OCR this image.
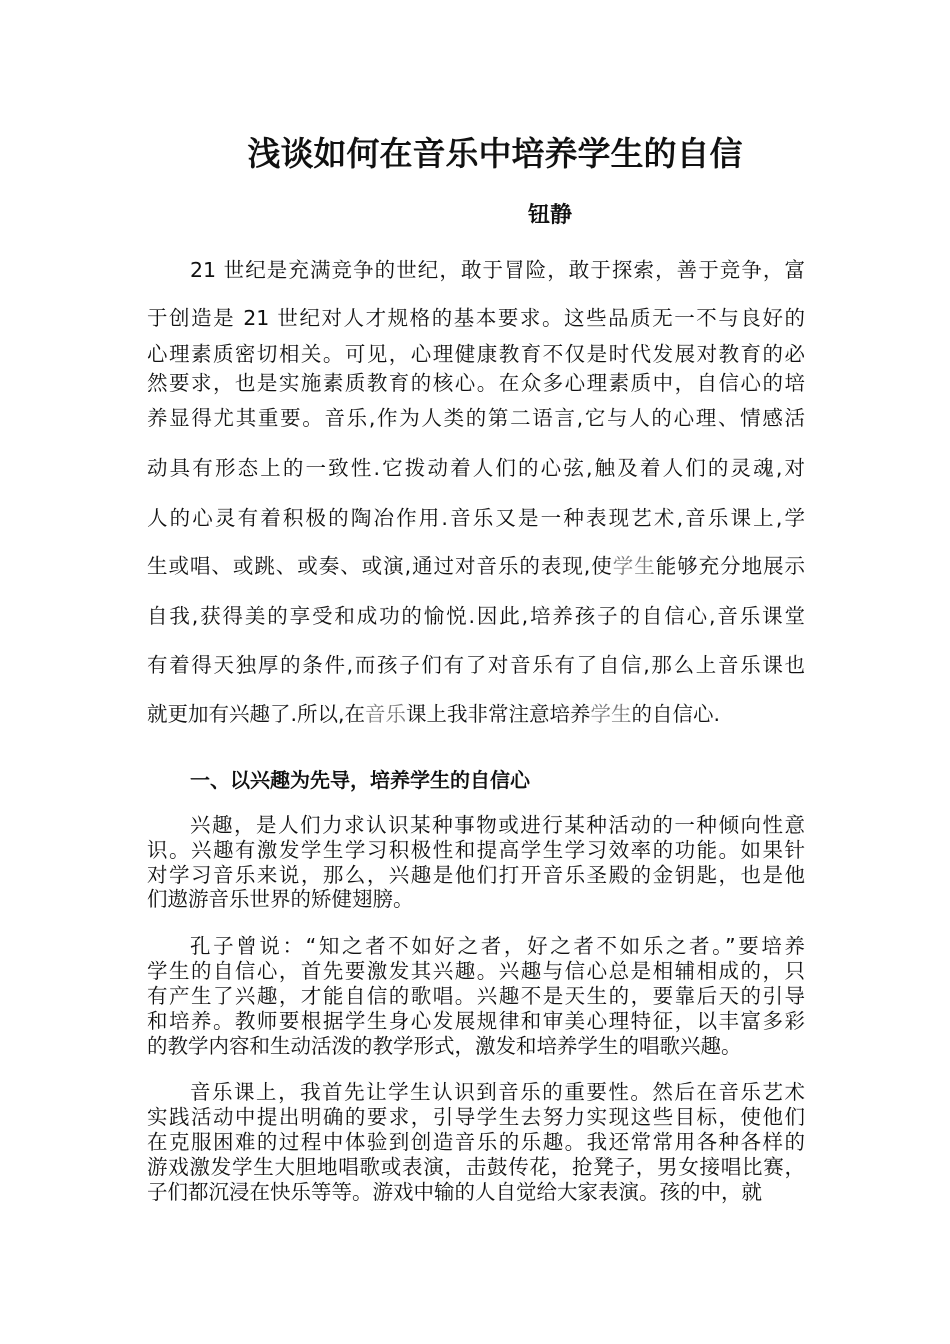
浅谈如何在音乐中培养学生的自信
钮静
一、以兴趣为先导，培养学生的自信心
21 世纪是充满竞争的世纪，敢于冒险，敢于探索，善于竞争，富
于创造是 21 世纪对人才规格的基本要求。这些品质无一不与良好的
心理素质密切相关。可见，心理健康教育不仅是时代发展对教育的必
然要求，也是实施素质教育的核心。在众多心理素质中，自信心的培
养显得尤其重要。音乐,作为人类的第二语言,它与人的心理、情感活
动具有形态上的一致性.它拨动着人们的心弦,触及着人们的灵魂,对
人的心灵有着积极的陶冶作用.音乐又是一种表现艺术,音乐课上,学
生或唱、或跳、或奏、或演,通过对音乐的表现,使学生能够充分地展示
自我,获得美的享受和成功的愉悦.因此,培养孩子的自信心,音乐课堂
有着得天独厚的条件,而孩子们有了对音乐有了自信,那么上音乐课也
就更加有兴趣了.所以,在音乐课上我非常注意培养学生的自信心.
兴趣，是人们力求认识某种事物或进行某种活动的一种倾向性意
识。兴趣有激发学生学习积极性和提高学生学习效率的功能。如果针
对学习音乐来说，那么，兴趣是他们打开音乐圣殿的金钥匙，也是他
们遨游音乐世界的矫健翅膀。
孔子曾说：“知之者不如好之者，好之者不如乐之者。”要培养
学生的自信心，首先要激发其兴趣。兴趣与信心总是相辅相成的，只
有产生了兴趣，才能自信的歌唱。兴趣不是天生的，要靠后天的引导
和培养。教师要根据学生身心发展规律和审美心理特征，以丰富多彩
的教学内容和生动活泼的教学形式，激发和培养学生的唱歌兴趣。
音乐课上，我首先让学生认识到音乐的重要性。然后在音乐艺术
实践活动中提出明确的要求，引导学生去努力实现这些目标，使他们
在克服困难的过程中体验到创造音乐的乐趣。我还常常用各种各样的
游戏激发学生大胆地唱歌或表演，击鼓传花，抢凳子，男女接唱比赛，
子们都沉浸在快乐等等。游戏中输的人自觉给大家表演。孩的中，就
